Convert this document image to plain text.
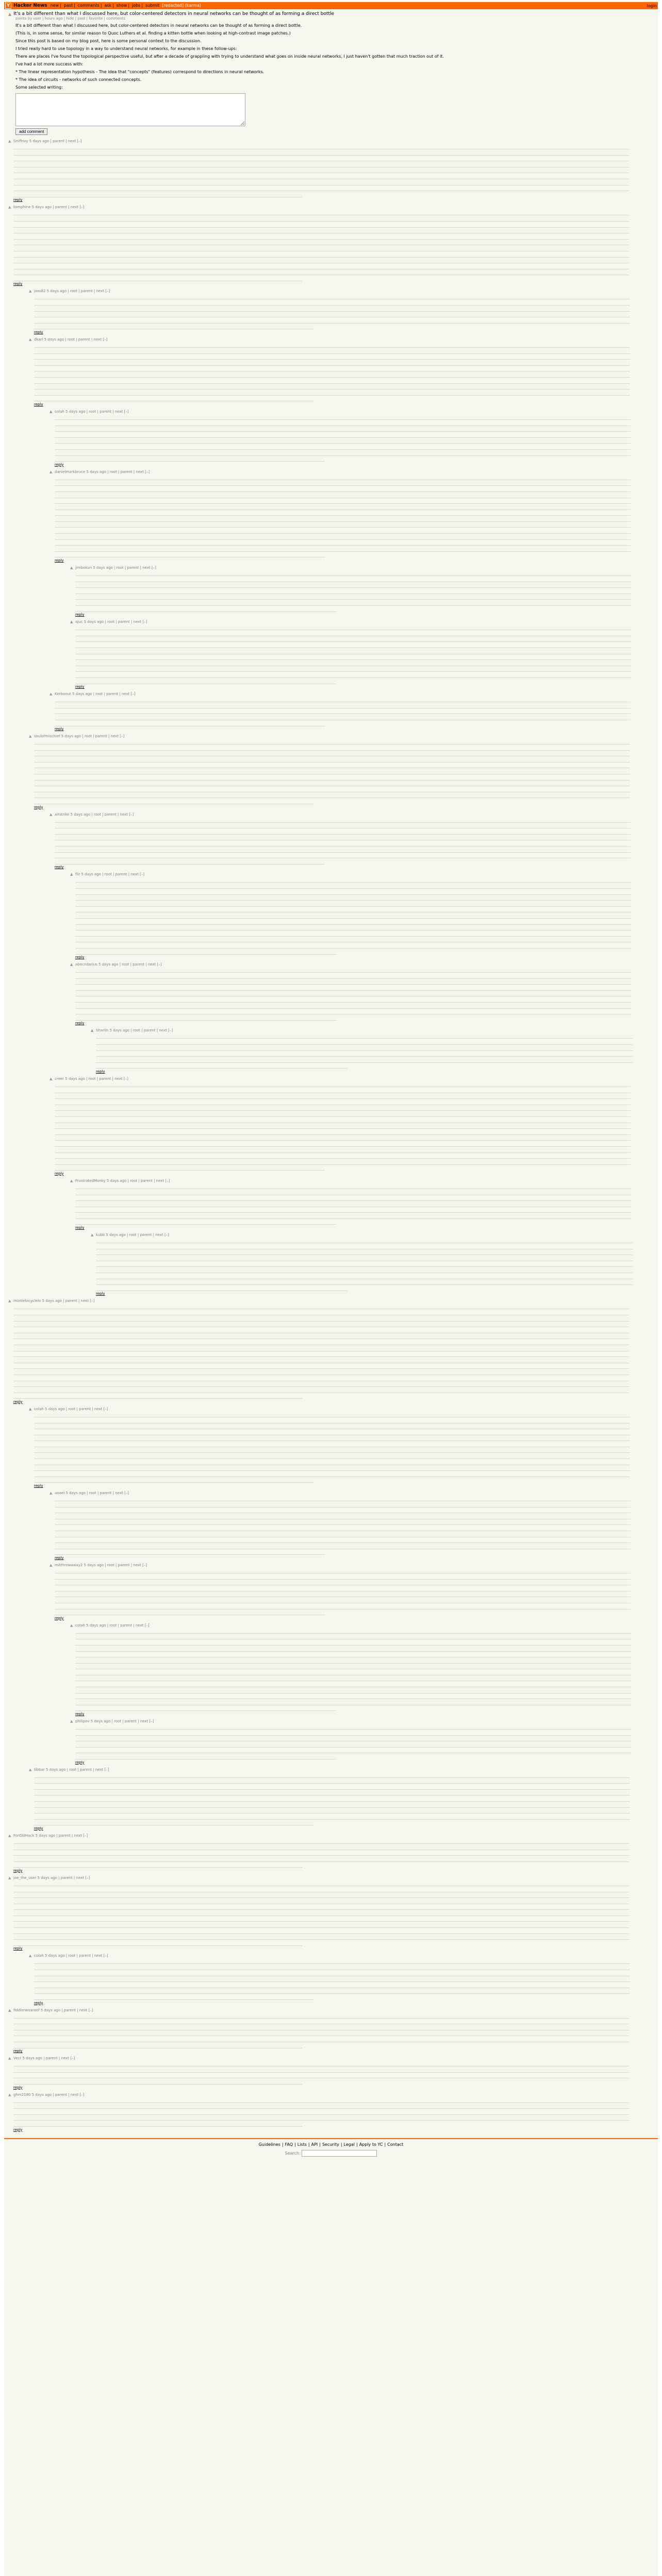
Y Hacker News new | past | comments | ask | show | jobs | submit [redacted] (karma)	login
▲ It's a bit different than what I discussed here, but color-centered detectors in neural networks can be thought of as forming a direct bottle
points by user | hours ago | hide | past | favorite | comments

It's a bit different than what I discussed here, but color-centered detectors in neural networks can be thought of as forming a direct bottle.

(This is, in some sense, for similar reason to Quoc Luthers et al. finding a kitten bottle when looking at high-contrast image patches.)

Since this post is based on my blog post, here is some personal context to the discussion.

I tried really hard to use topology in a way to understand neural networks, for example in these follow-ups:

There are places I've found the topological perspective useful, but after a decade of grappling with trying to understand what goes on inside neural networks, I just haven't gotten that much traction out of it.

I've had a lot more success with:

* The linear representation hypothesis - The idea that "concepts" (features) correspond to directions in neural networks.

* The idea of circuits - networks of such connected concepts.

Some selected writing:

add comment
▲ Sniffnoy 5 days ago | parent | next [–]
reply
▲ tomphine 5 days ago | parent | next [–]
reply
▲ joss82 5 days ago | root | parent | next [–]
reply
▲ dkarl 5 days ago | root | parent | next [–]
reply
▲ colah 5 days ago | root | parent | next [–]
reply
▲ danielmarkbruce 5 days ago | root | parent | next [–]
reply
▲ jimbokun 5 days ago | root | parent | next [–]
reply
▲ ajuc 5 days ago | root | parent | next [–]
reply
▲ Kerbonut 5 days ago | root | parent | next [–]
reply
▲ soulofmischief 5 days ago | root | parent | next [–]
reply
▲ airstrike 5 days ago | root | parent | next [–]
reply
▲ flir 5 days ago | root | parent | next [–]
reply
▲ abecedarius 5 days ago | root | parent | next [–]
reply
▲ Sharlin 5 days ago | root | parent | next [–]
reply
▲ creer 5 days ago | root | parent | next [–]
reply
▲ FrustratedMonky 5 days ago | root | parent | next [–]
reply
▲ kubb 5 days ago | root | parent | next [–]
reply
▲ montebicyclelo 5 days ago | parent | next [–]
reply
▲ colah 5 days ago | root | parent | next [–]
reply
▲ uoaei 5 days ago | root | parent | next [–]
reply
▲ mitthrowaway2 5 days ago | root | parent | next [–]
reply
▲ colah 5 days ago | root | parent | next [–]
reply
▲ philipov 5 days ago | root | parent | next [–]
reply
▲ tibbar 5 days ago | root | parent | next [–]
reply
▲ ForOldHack 5 days ago | parent | next [–]
reply
▲ joe_the_user 5 days ago | parent | next [–]
reply
▲ colah 5 days ago | root | parent | next [–]
reply
▲ fiddlerwoaroof 5 days ago | parent | next [–]
reply
▲ Vecr 5 days ago | parent | next [–]
reply
▲ ghm2180 5 days ago | parent | next [–]
reply
Guidelines | FAQ | Lists | API | Security | Legal | Apply to YC | Contact
Search:
